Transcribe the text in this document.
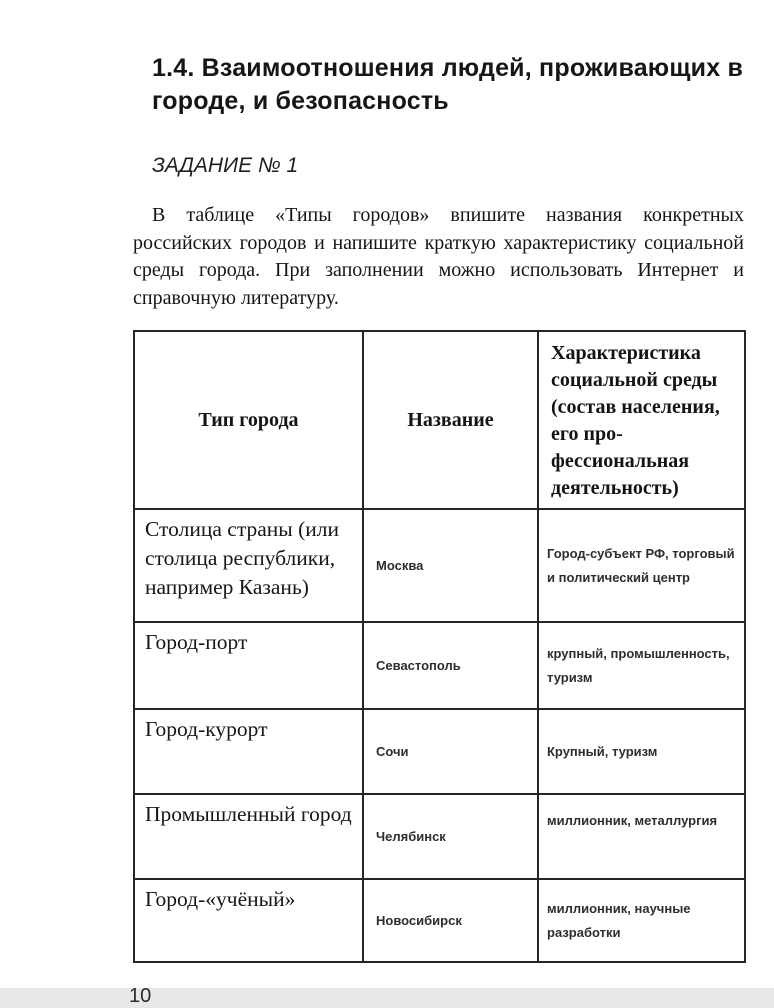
1.4. Взаимоотношения людей, проживающих в городе, и безопасность
ЗАДАНИЕ № 1

В таблице «Типы городов» впишите названия конкретных российских городов и напишите краткую характеристику социальной среды города. При заполнении можно использовать Интернет и справочную литературу.

Тип города	Название	Характеристика социальной среды (состав населения, его профессиональная деятельность)
Столица страны (или столица республики, например Казань)	Москва	Город-субъект РФ, торговый и политический центр
Город-порт	Севастополь	крупный, промышленность, туризм
Город-курорт	Сочи	Крупный, туризм
Промышленный город	Челябинск	миллионник, металлургия
Город-«учёный»	Новосибирск	миллионник, научные разработки
10
